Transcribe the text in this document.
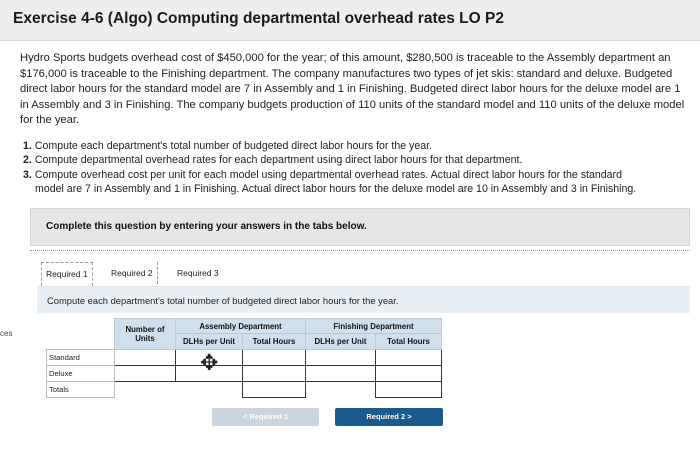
Exercise 4-6 (Algo) Computing departmental overhead rates LO P2
Hydro Sports budgets overhead cost of $450,000 for the year; of this amount, $280,500 is traceable to the Assembly department an
$176,000 is traceable to the Finishing department. The company manufactures two types of jet skis: standard and deluxe. Budgeted
direct labor hours for the standard model are 7 in Assembly and 1 in Finishing. Budgeted direct labor hours for the deluxe model are 1
in Assembly and 3 in Finishing. The company budgets production of 110 units of the standard model and 110 units of the deluxe model
for the year.
1. Compute each department's total number of budgeted direct labor hours for the year.
2. Compute departmental overhead rates for each department using direct labor hours for that department.
3. Compute overhead cost per unit for each model using departmental overhead rates. Actual direct labor hours for the standard
model are 7 in Assembly and 1 in Finishing. Actual direct labor hours for the deluxe model are 10 in Assembly and 3 in Finishing.
Complete this question by entering your answers in the tabs below.
Required 1	Required 2	Required 3
Compute each department's total number of budgeted direct labor hours for the year.
ces
		Number of Units	Assembly Department		Finishing Department	
		DLHs per Unit	Total Hours	DLHs per Unit	Total Hours
Standard					
Deluxe					
Totals					
✥
< Required 1	Required 2 >
